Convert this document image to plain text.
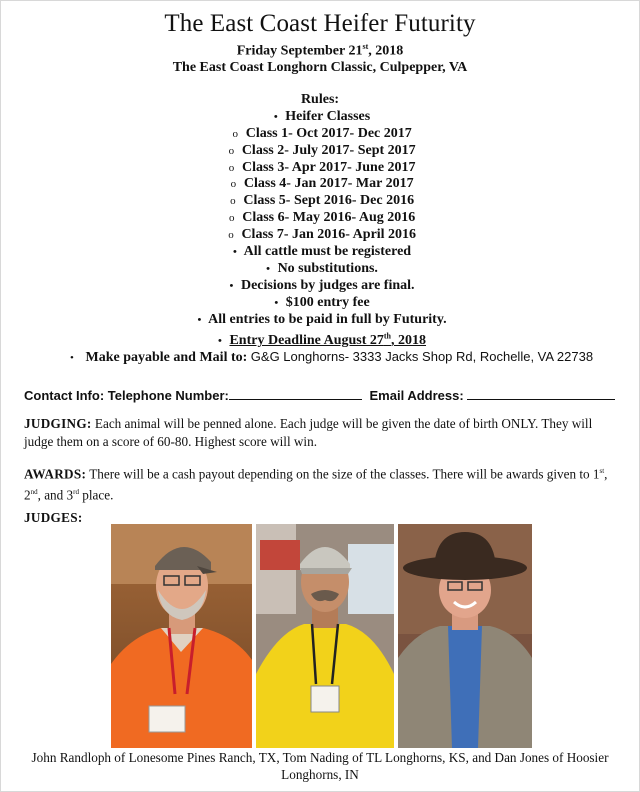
The East Coast Heifer Futurity
Friday September 21st, 2018
The East Coast Longhorn Classic, Culpepper, VA
Rules:
• Heifer Classes
o Class 1- Oct 2017- Dec 2017
o Class 2- July 2017- Sept 2017
o Class 3- Apr 2017- June 2017
o Class 4- Jan 2017- Mar 2017
o Class 5- Sept 2016- Dec 2016
o Class 6- May 2016- Aug 2016
o Class 7- Jan 2016- April 2016
• All cattle must be registered
• No substitutions.
• Decisions by judges are final.
• $100 entry fee
• All entries to be paid in full by Futurity.
• Entry Deadline August 27th, 2018
• Make payable and Mail to: G&G Longhorns- 3333 Jacks Shop Rd, Rochelle, VA 22738
Contact Info: Telephone Number:	Email Address:
JUDGING: Each animal will be penned alone. Each judge will be given the date of birth ONLY. They will judge them on a score of 60-80. Highest score will win.
AWARDS: There will be a cash payout depending on the size of the classes. There will be awards given to 1st, 2nd, and 3rd place.
JUDGES:
John Randloph of Lonesome Pines Ranch, TX, Tom Nading of TL Longhorns, KS, and Dan Jones of Hoosier Longhorns, IN
